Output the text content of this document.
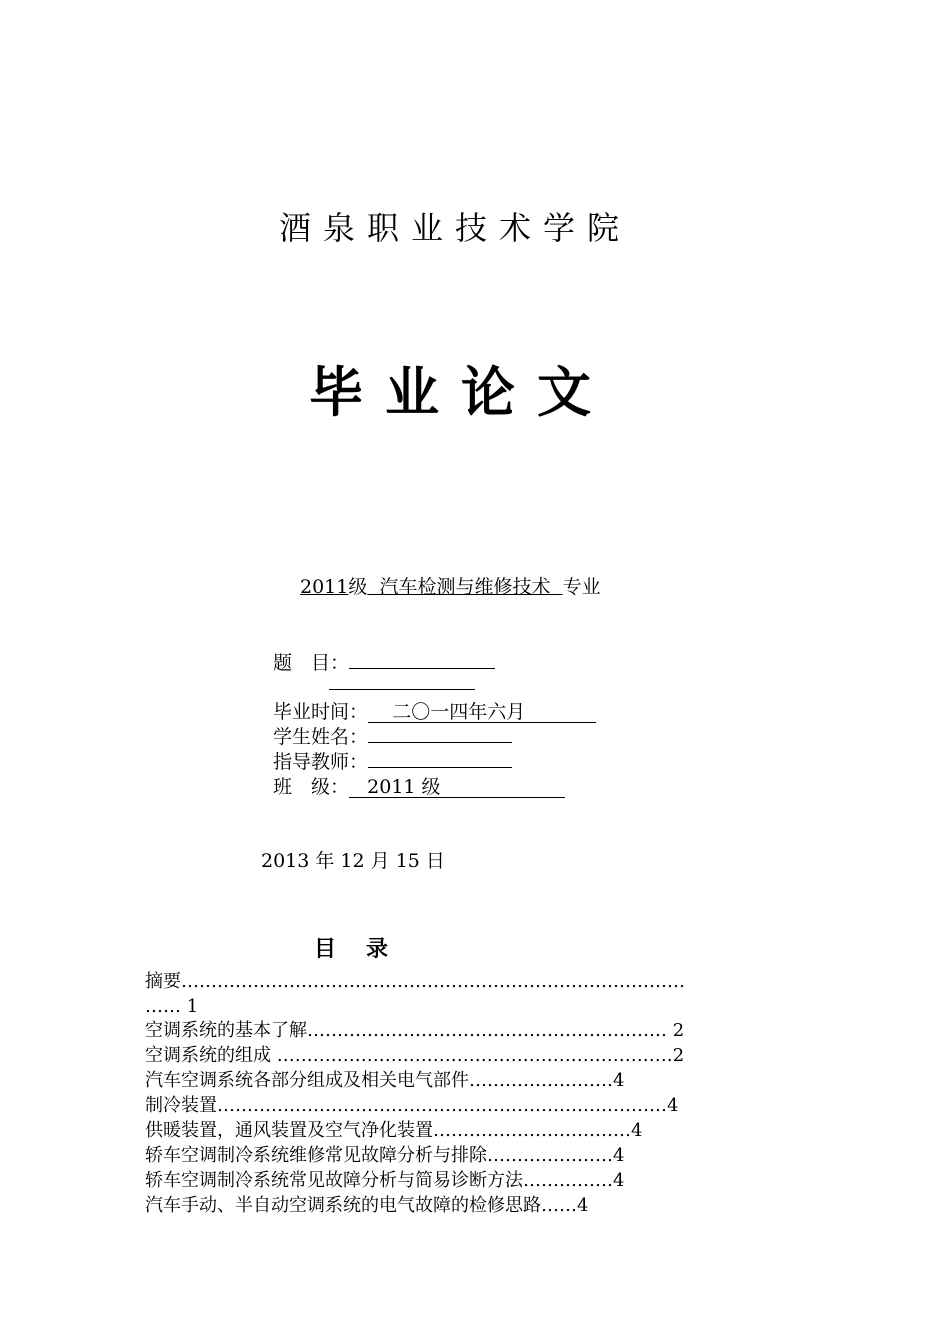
酒泉职业技术学院
毕业论文
2011级 汽车检测与维修技术 专业
题　目：
毕业时间： 二〇一四年六月
学生姓名：
指导教师：
班　级： 2011 级
2013 年 12 月 15 日
目　录
摘要…………………………………………………………………………
…… 1
空调系统的基本了解…………………………………………………… 2
空调系统的组成 …………………………………………………………2
汽车空调系统各部分组成及相关电气部件……………………4
制冷装置…………………………………………………………………4
供暖装置，通风装置及空气净化装置……………………………4
轿车空调制冷系统维修常见故障分析与排除…………………4
轿车空调制冷系统常见故障分析与简易诊断方法……………4
汽车手动、半自动空调系统的电气故障的检修思路……4
